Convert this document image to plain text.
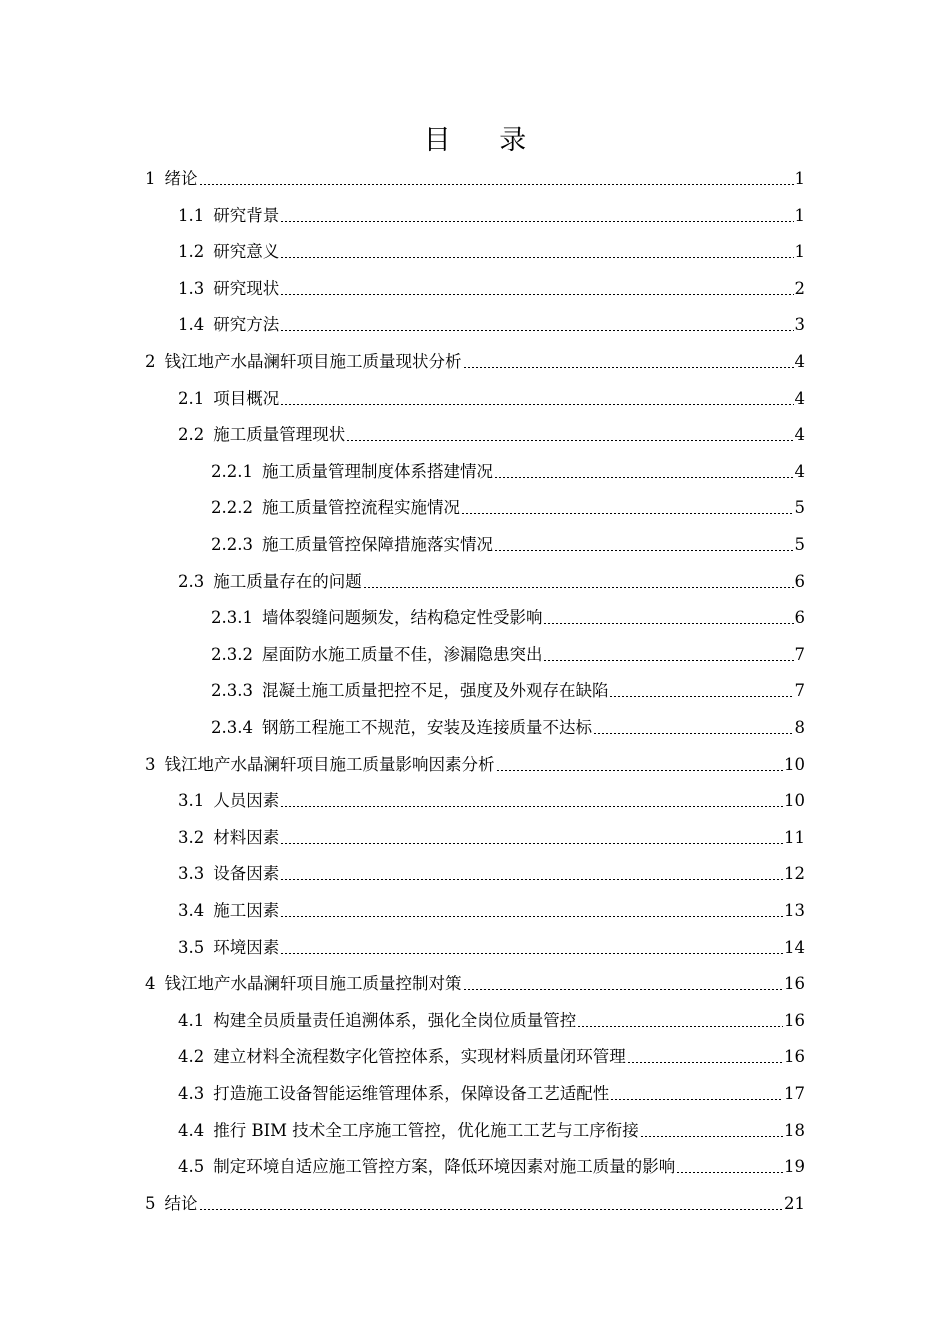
目 录
1 绪论	1
1.1 研究背景	1
1.2 研究意义	1
1.3 研究现状	2
1.4 研究方法	3
2 钱江地产水晶澜轩项目施工质量现状分析	4
2.1 项目概况	4
2.2 施工质量管理现状	4
2.2.1 施工质量管理制度体系搭建情况	4
2.2.2 施工质量管控流程实施情况	5
2.2.3 施工质量管控保障措施落实情况	5
2.3 施工质量存在的问题	6
2.3.1 墙体裂缝问题频发，结构稳定性受影响	6
2.3.2 屋面防水施工质量不佳，渗漏隐患突出	7
2.3.3 混凝土施工质量把控不足，强度及外观存在缺陷	7
2.3.4 钢筋工程施工不规范，安装及连接质量不达标	8
3 钱江地产水晶澜轩项目施工质量影响因素分析	10
3.1 人员因素	10
3.2 材料因素	11
3.3 设备因素	12
3.4 施工因素	13
3.5 环境因素	14
4 钱江地产水晶澜轩项目施工质量控制对策	16
4.1 构建全员质量责任追溯体系，强化全岗位质量管控	16
4.2 建立材料全流程数字化管控体系，实现材料质量闭环管理	16
4.3 打造施工设备智能运维管理体系，保障设备工艺适配性	17
4.4 推行 BIM 技术全工序施工管控，优化施工工艺与工序衔接	18
4.5 制定环境自适应施工管控方案，降低环境因素对施工质量的影响	19
5 结论	21
